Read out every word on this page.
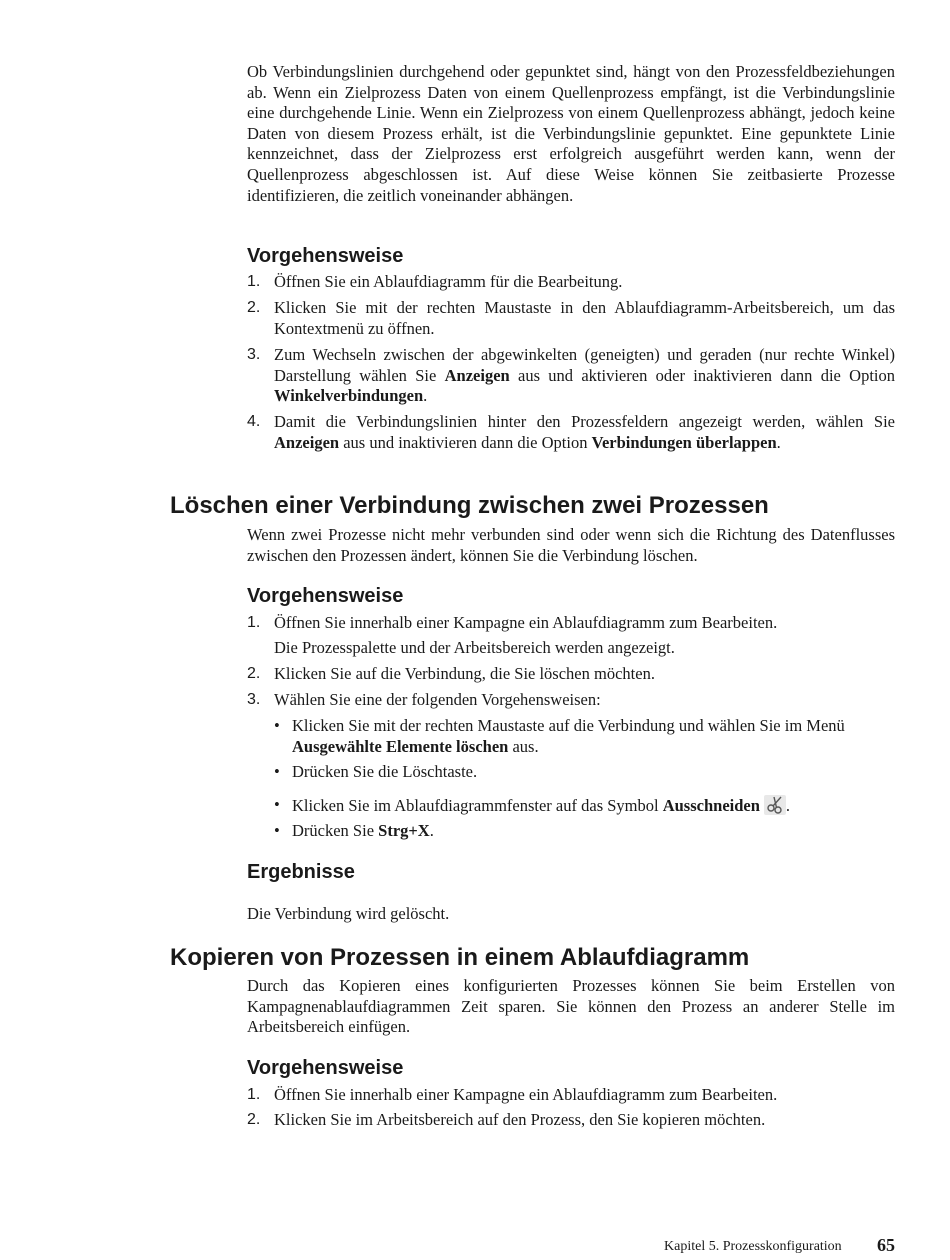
Ob Verbindungslinien durchgehend oder gepunktet sind, hängt von den Prozessfeldbeziehungen ab. Wenn ein Zielprozess Daten von einem Quellenprozess empfängt, ist die Verbindungslinie eine durchgehende Linie. Wenn ein Zielprozess von einem Quellenprozess abhängt, jedoch keine Daten von diesem Prozess erhält, ist die Verbindungslinie gepunktet. Eine gepunktete Linie kennzeichnet, dass der Zielprozess erst erfolgreich ausgeführt werden kann, wenn der Quellenprozess abgeschlossen ist. Auf diese Weise können Sie zeitbasierte Prozesse identifizieren, die zeitlich voneinander abhängen.

Vorgehensweise
1. Öffnen Sie ein Ablaufdiagramm für die Bearbeitung.
2. Klicken Sie mit der rechten Maustaste in den Ablaufdiagramm-Arbeitsbereich, um das Kontextmenü zu öffnen.
3. Zum Wechseln zwischen der abgewinkelten (geneigten) und geraden (nur rechte Winkel) Darstellung wählen Sie Anzeigen aus und aktivieren oder inaktivieren dann die Option Winkelverbindungen.
4. Damit die Verbindungslinien hinter den Prozessfeldern angezeigt werden, wählen Sie Anzeigen aus und inaktivieren dann die Option Verbindungen überlappen.
Löschen einer Verbindung zwischen zwei Prozessen

Wenn zwei Prozesse nicht mehr verbunden sind oder wenn sich die Richtung des Datenflusses zwischen den Prozessen ändert, können Sie die Verbindung löschen.

Vorgehensweise
1. Öffnen Sie innerhalb einer Kampagne ein Ablaufdiagramm zum Bearbeiten.
Die Prozesspalette und der Arbeitsbereich werden angezeigt.
2. Klicken Sie auf die Verbindung, die Sie löschen möchten.
3. Wählen Sie eine der folgenden Vorgehensweisen:
• Klicken Sie mit der rechten Maustaste auf die Verbindung und wählen Sie im Menü Ausgewählte Elemente löschen aus.
• Drücken Sie die Löschtaste.
• Klicken Sie im Ablaufdiagrammfenster auf das Symbol Ausschneiden .
• Drücken Sie Strg+X.
Ergebnisse

Die Verbindung wird gelöscht.

Kopieren von Prozessen in einem Ablaufdiagramm

Durch das Kopieren eines konfigurierten Prozesses können Sie beim Erstellen von Kampagnenablaufdiagrammen Zeit sparen. Sie können den Prozess an anderer Stelle im Arbeitsbereich einfügen.

Vorgehensweise
1. Öffnen Sie innerhalb einer Kampagne ein Ablaufdiagramm zum Bearbeiten.
2. Klicken Sie im Arbeitsbereich auf den Prozess, den Sie kopieren möchten.
Kapitel 5. Prozesskonfiguration 65
